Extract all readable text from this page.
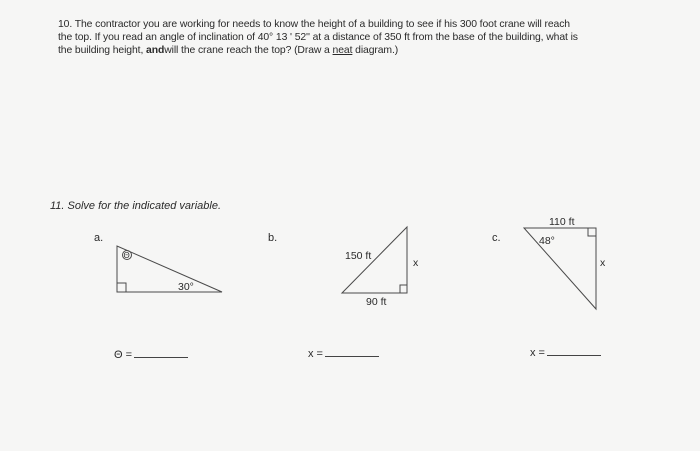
10. The contractor you are working for needs to know the height of a building to see if his 300 foot crane will reach
the top. If you read an angle of inclination of 40° 13 ' 52'' at a distance of 350 ft from the base of the building, what is
the building height, andwill the crane reach the top? (Draw a neat diagram.)
11. Solve for the indicated variable.
a.	b.	c.
Θ
30°
150 ft
90 ft
x
110 ft
48°
x
Θ =	x =	x =
